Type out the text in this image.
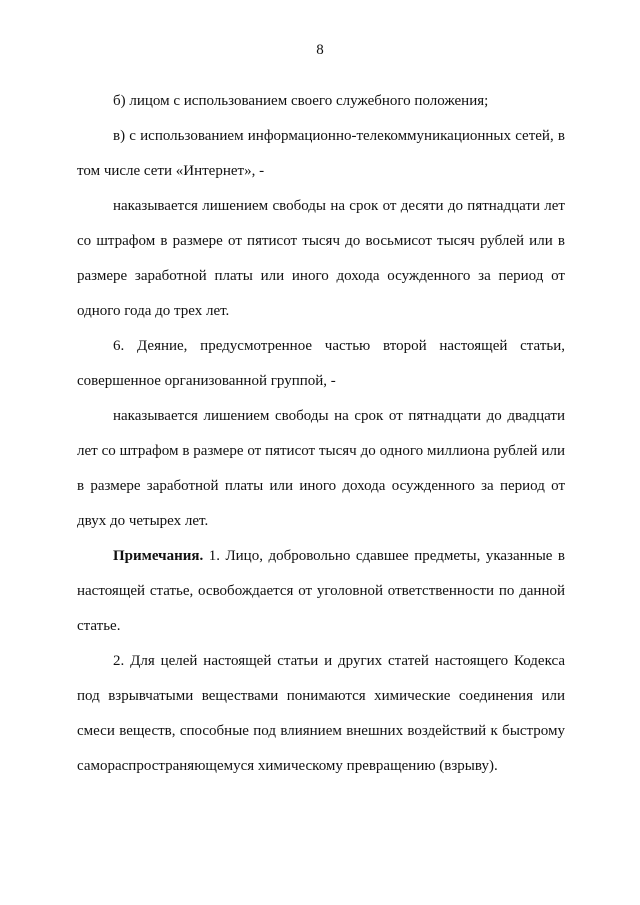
8

б) лицом с использованием своего служебного положения;

в) с использованием информационно-телекоммуникационных сетей, в том числе сети «Интернет», -

наказывается лишением свободы на срок от десяти до пятнадцати лет со штрафом в размере от пятисот тысяч до восьмисот тысяч рублей или в размере заработной платы или иного дохода осужденного за период от одного года до трех лет.

6. Деяние, предусмотренное частью второй настоящей статьи, совершенное организованной группой, -

наказывается лишением свободы на срок от пятнадцати до двадцати лет со штрафом в размере от пятисот тысяч до одного миллиона рублей или в размере заработной платы или иного дохода осужденного за период от двух до четырех лет.

Примечания. 1. Лицо, добровольно сдавшее предметы, указанные в настоящей статье, освобождается от уголовной ответственности по данной статье.

2. Для целей настоящей статьи и других статей настоящего Кодекса под взрывчатыми веществами понимаются химические соединения или смеси веществ, способные под влиянием внешних воздействий к быстрому самораспространяющемуся химическому превращению (взрыву).
